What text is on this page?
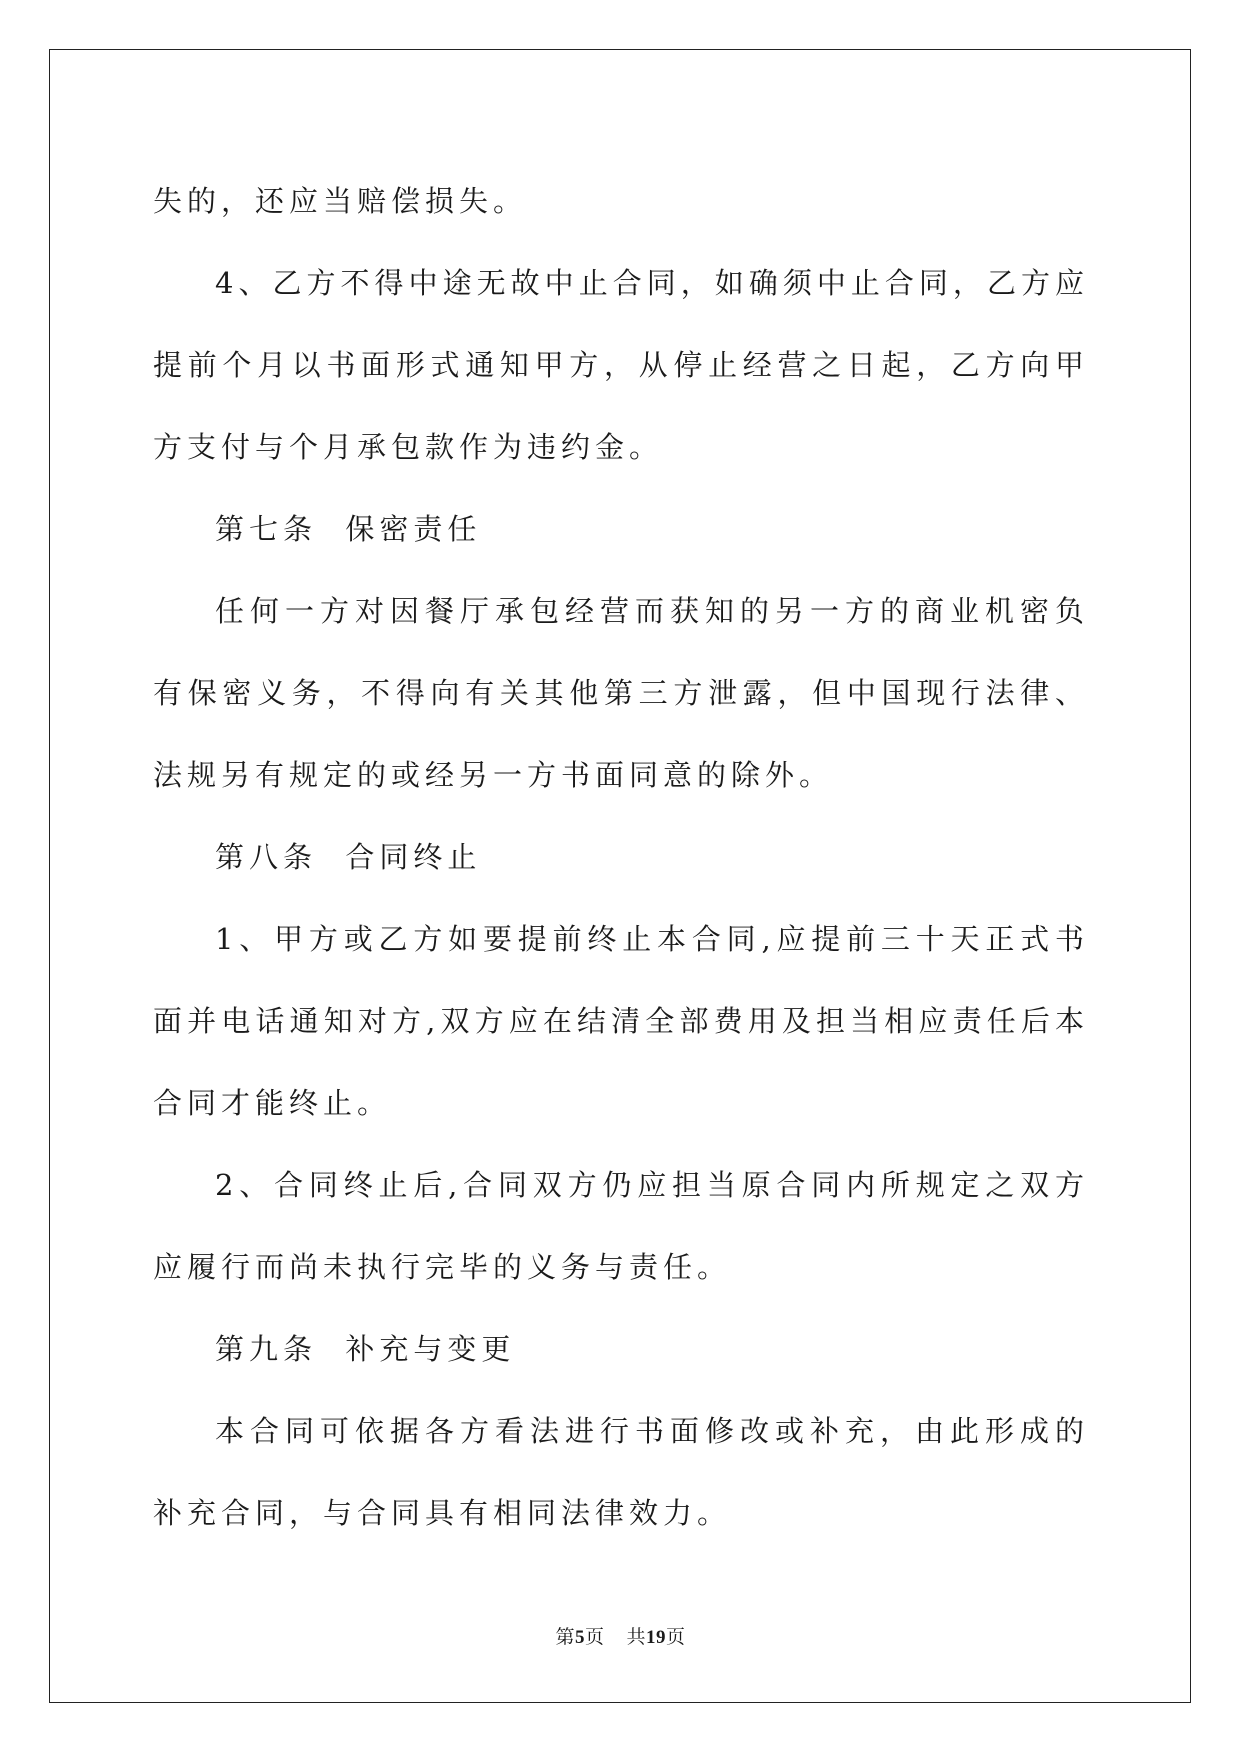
失的，还应当赔偿损失。

4、乙方不得中途无故中止合同，如确须中止合同，乙方应提前个月以书面形式通知甲方，从停止经营之日起，乙方向甲方支付与个月承包款作为违约金。

第七条  保密责任

任何一方对因餐厅承包经营而获知的另一方的商业机密负有保密义务，不得向有关其他第三方泄露，但中国现行法律、法规另有规定的或经另一方书面同意的除外。

第八条  合同终止

1、甲方或乙方如要提前终止本合同,应提前三十天正式书面并电话通知对方,双方应在结清全部费用及担当相应责任后本合同才能终止。

2、合同终止后,合同双方仍应担当原合同内所规定之双方应履行而尚未执行完毕的义务与责任。

第九条  补充与变更

本合同可依据各方看法进行书面修改或补充，由此形成的补充合同，与合同具有相同法律效力。

第5页 共19页
